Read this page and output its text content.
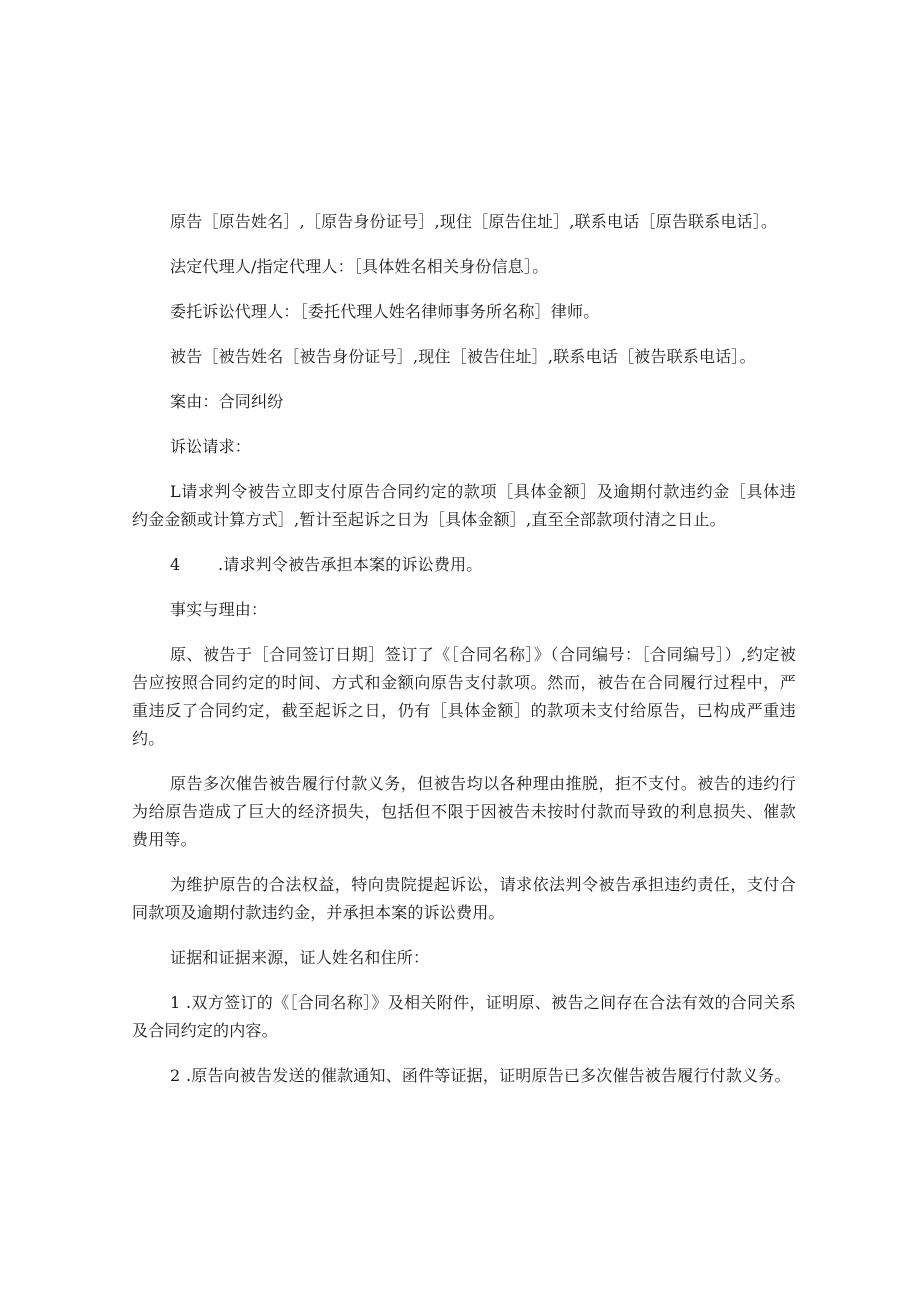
原告［原告姓名］,［原告身份证号］,现住［原告住址］,联系电话［原告联系电话］。

法定代理人/指定代理人：［具体姓名相关身份信息］。

委托诉讼代理人：［委托代理人姓名律师事务所名称］律师。

被告［被告姓名［被告身份证号］,现住［被告住址］,联系电话［被告联系电话］。

案由：合同纠纷

诉讼请求：

L请求判令被告立即支付原告合同约定的款项［具体金额］及逾期付款违约金［具体违约金金额或计算方式］,暂计至起诉之日为［具体金额］,直至全部款项付清之日止。

4 .请求判令被告承担本案的诉讼费用。

事实与理由：

原、被告于［合同签订日期］签订了《［合同名称］》（合同编号：［合同编号］）,约定被告应按照合同约定的时间、方式和金额向原告支付款项。然而，被告在合同履行过程中，严重违反了合同约定，截至起诉之日，仍有［具体金额］的款项未支付给原告，已构成严重违约。

原告多次催告被告履行付款义务，但被告均以各种理由推脱，拒不支付。被告的违约行为给原告造成了巨大的经济损失，包括但不限于因被告未按时付款而导致的利息损失、催款费用等。

为维护原告的合法权益，特向贵院提起诉讼，请求依法判令被告承担违约责任，支付合同款项及逾期付款违约金，并承担本案的诉讼费用。

证据和证据来源，证人姓名和住所：

1 .双方签订的《［合同名称］》及相关附件，证明原、被告之间存在合法有效的合同关系及合同约定的内容。

2 .原告向被告发送的催款通知、函件等证据，证明原告已多次催告被告履行付款义务。
